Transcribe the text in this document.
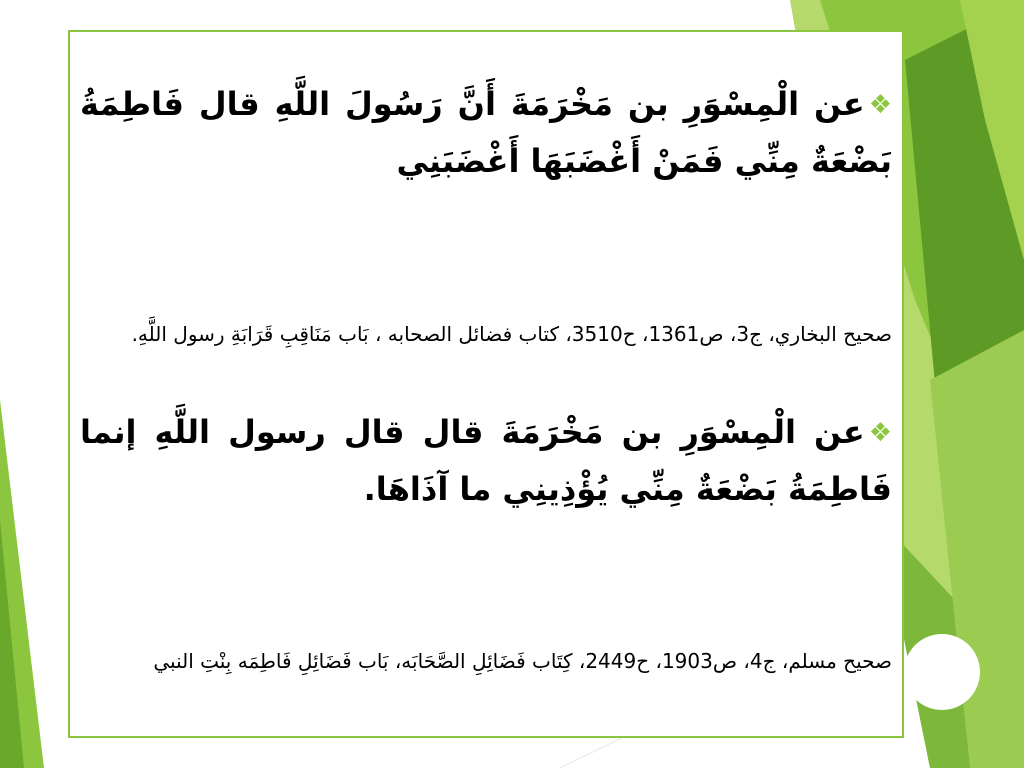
❖عن الْمِسْوَرِ بن مَخْرَمَةَ أَنَّ رَسُولَ اللَّهِ قال فَاطِمَةُ بَضْعَةٌ مِنِّي فَمَنْ أَغْضَبَهَا أَغْضَبَنِي
صحيح البخاري، ج3، ص1361، ح3510، كتاب فضائل الصحابه ، بَاب مَنَاقِبِ قَرَابَةِ رسول اللَّهِ.
❖عن الْمِسْوَرِ بن مَخْرَمَةَ قال قال رسول اللَّهِ إنما فَاطِمَةُ بَضْعَةٌ مِنِّي يُؤْذِينِي ما آذَاهَا.
صحيح مسلم، ج4، ص1903، ح2449، كِتَاب فَضَائِلِ الصَّحَابَه، بَاب فَضَائِلِ فَاطِمَه بِنْتِ النبي
